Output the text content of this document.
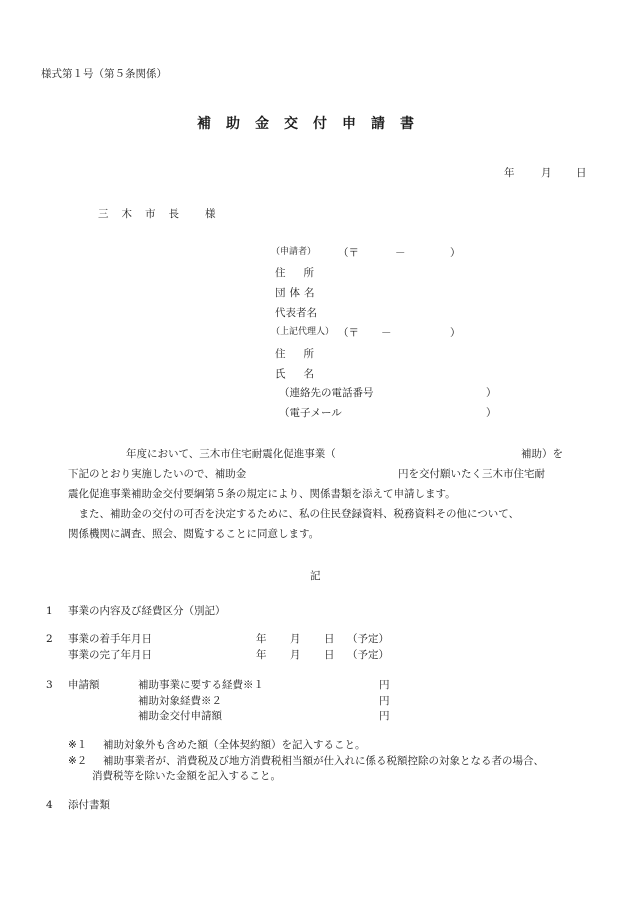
様式第１号（第５条関係）
補助金交付申請書
年	月 日
三木市長 様
（申請者） （〒	－	）
住所
団体名
代表者名
（上記代理人） （〒 －	）
住所
氏名
（連絡先の電話番号	）
（電子メール	）
年度において、三木市住宅耐震化促進事業（	補助）を
下記のとおり実施したいので、補助金	円を交付願いたく三木市住宅耐
震化促進事業補助金交付要綱第５条の規定により、関係書類を添えて申請します。
　また、補助金の交付の可否を決定するために、私の住民登録資料、税務資料その他について、
関係機関に調査、照会、閲覧することに同意します。
記
1 事業の内容及び経費区分（別記）
2 事業の着手年月日	年 月 日 （予定）
事業の完了年月日	年 月 日 （予定）
3 申請額	補助事業に要する経費※１	円
補助対象経費※２	円
補助金交付申請額	円
※１ 補助対象外も含めた額（全体契約額）を記入すること。
※２ 補助事業者が、消費税及び地方消費税相当額が仕入れに係る税額控除の対象となる者の場合、
消費税等を除いた金額を記入すること。
4 添付書類
